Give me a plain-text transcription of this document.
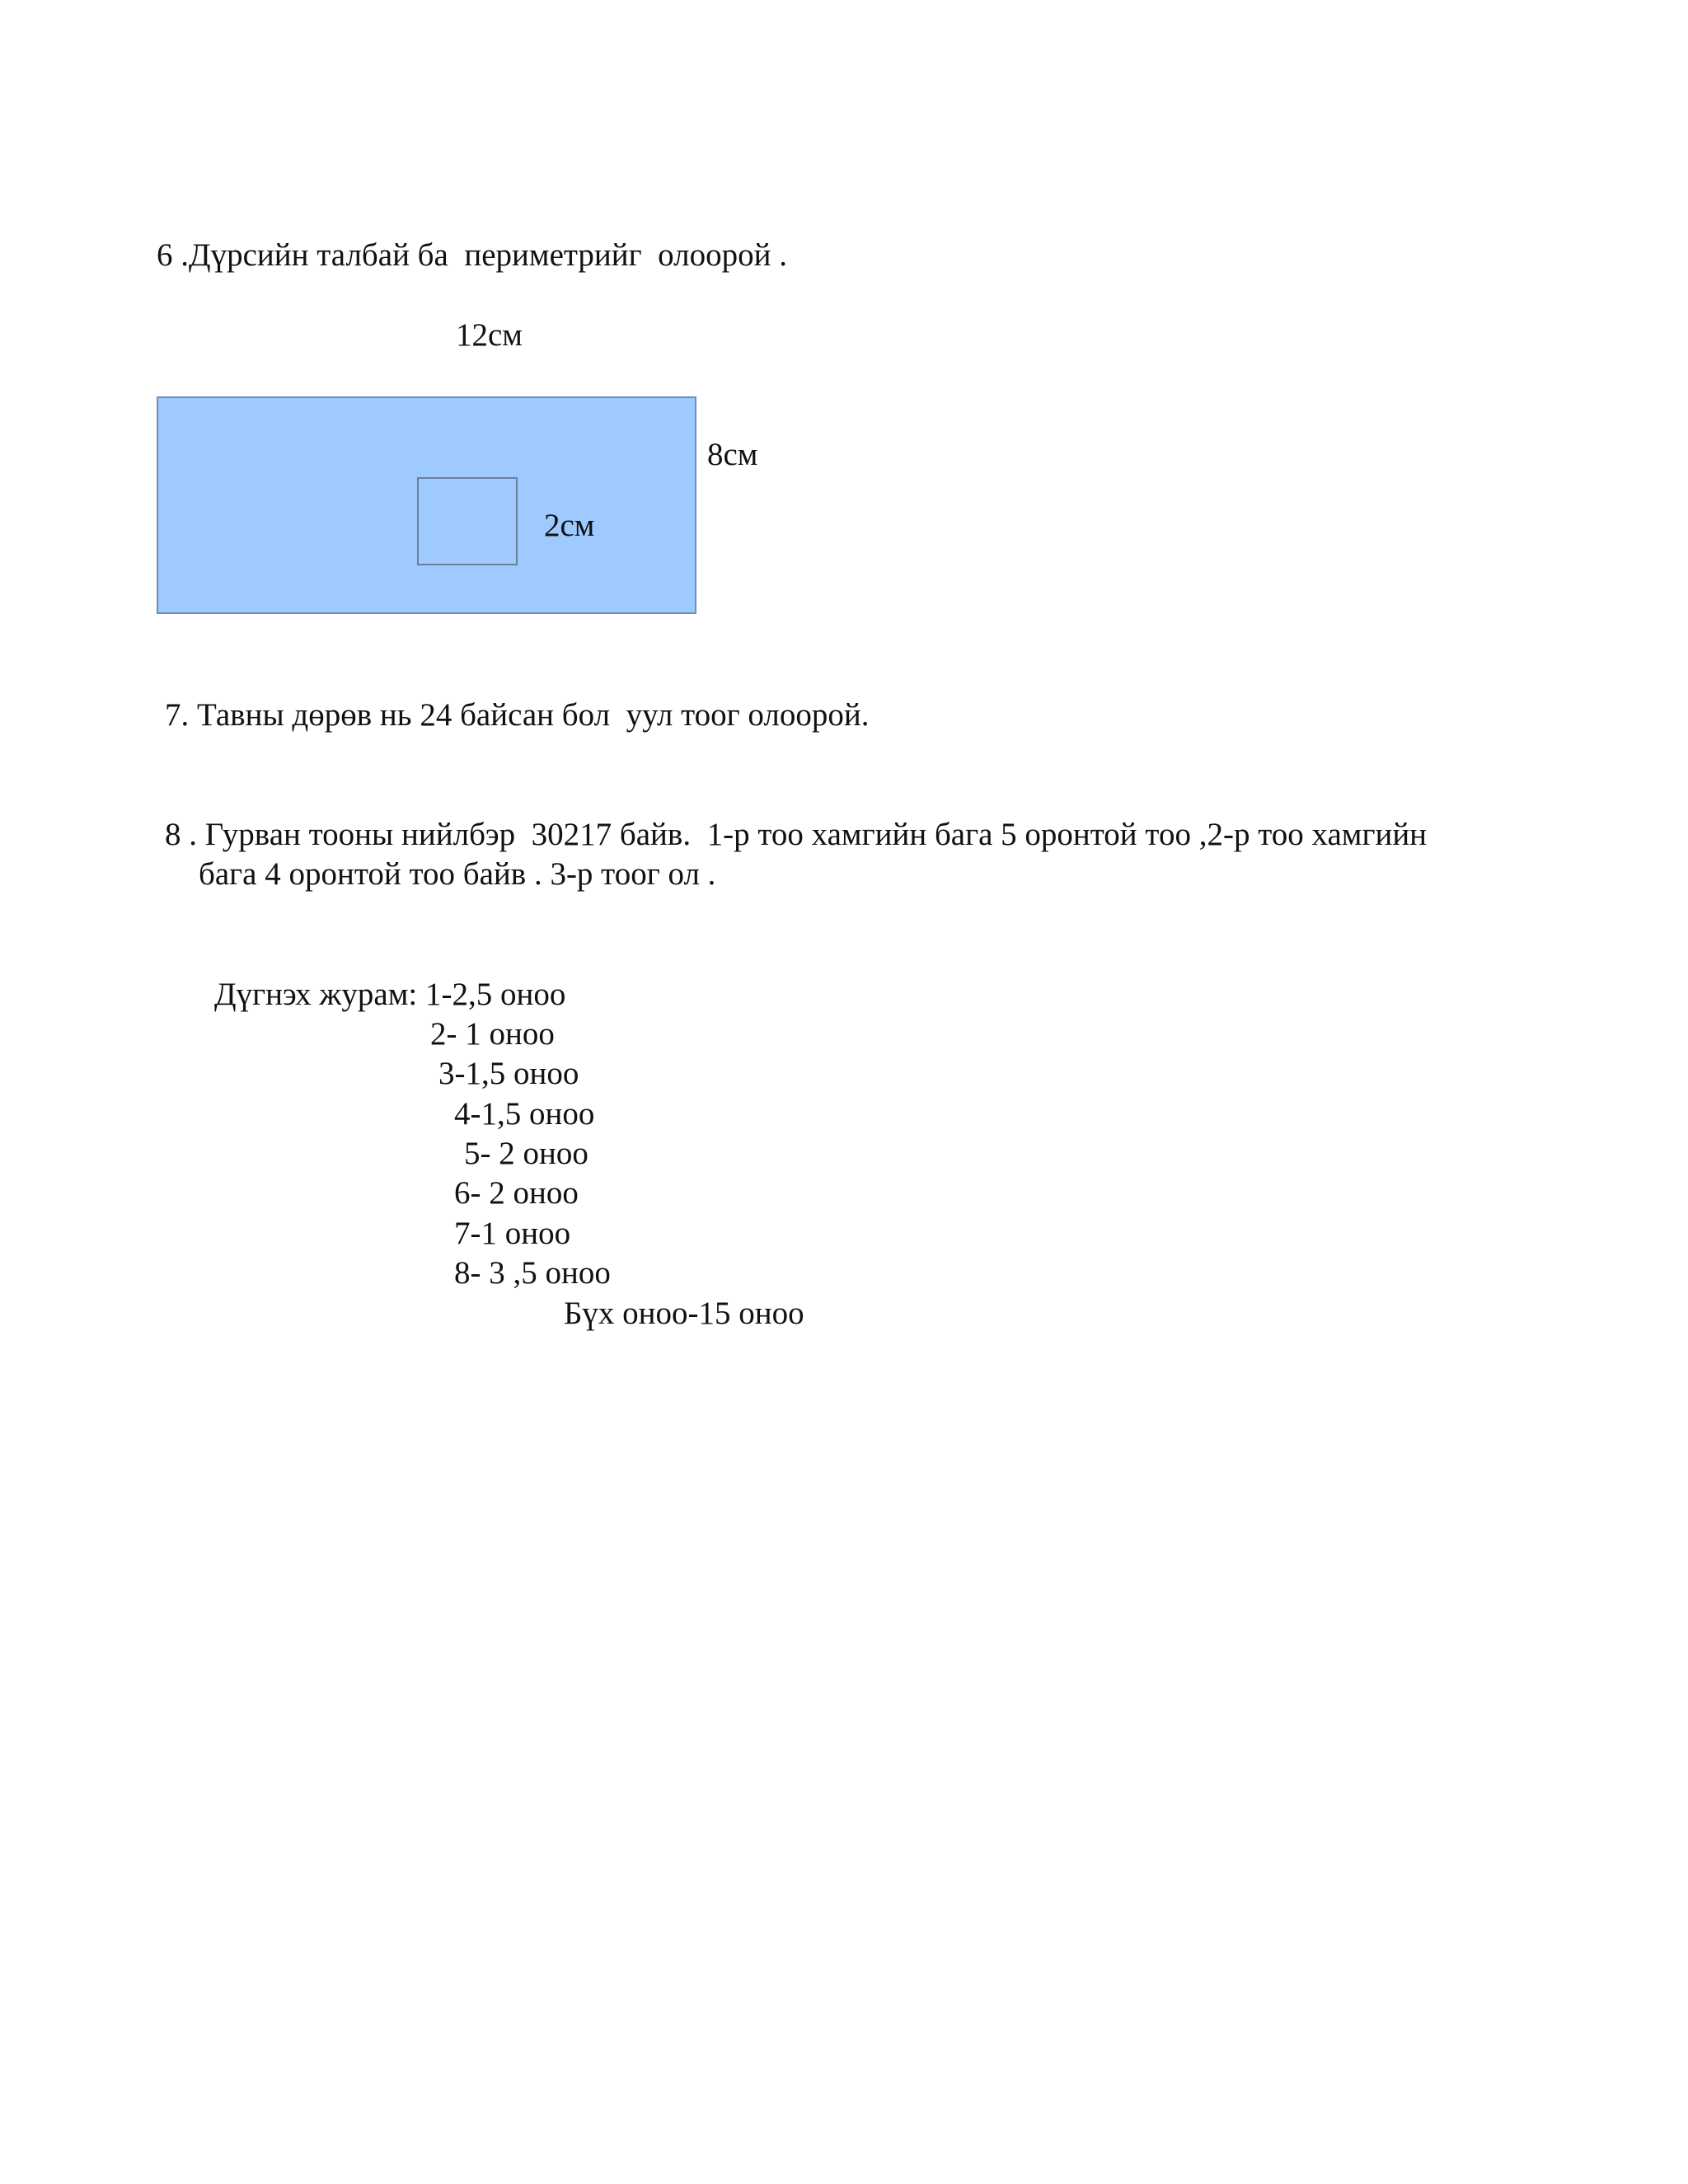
6 .Дүрсийн талбай ба  периметрийг  олоорой .

12см

8см

2см

7. Тавны дөрөв нь 24 байсан бол  уул тоог олоорой.

8 . Гурван тооны нийлбэр  30217 байв.  1-р тоо хамгийн бага 5 оронтой тоо ,2-р тоо хамгийн

бага 4 оронтой тоо байв . 3-р тоог ол .

Дүгнэх журам: 1-2,5 оноо

2- 1 оноо

3-1,5 оноо

4-1,5 оноо

5- 2 оноо

6- 2 оноо

7-1 оноо

8- 3 ,5 оноо

Бүх оноо-15 оноо
